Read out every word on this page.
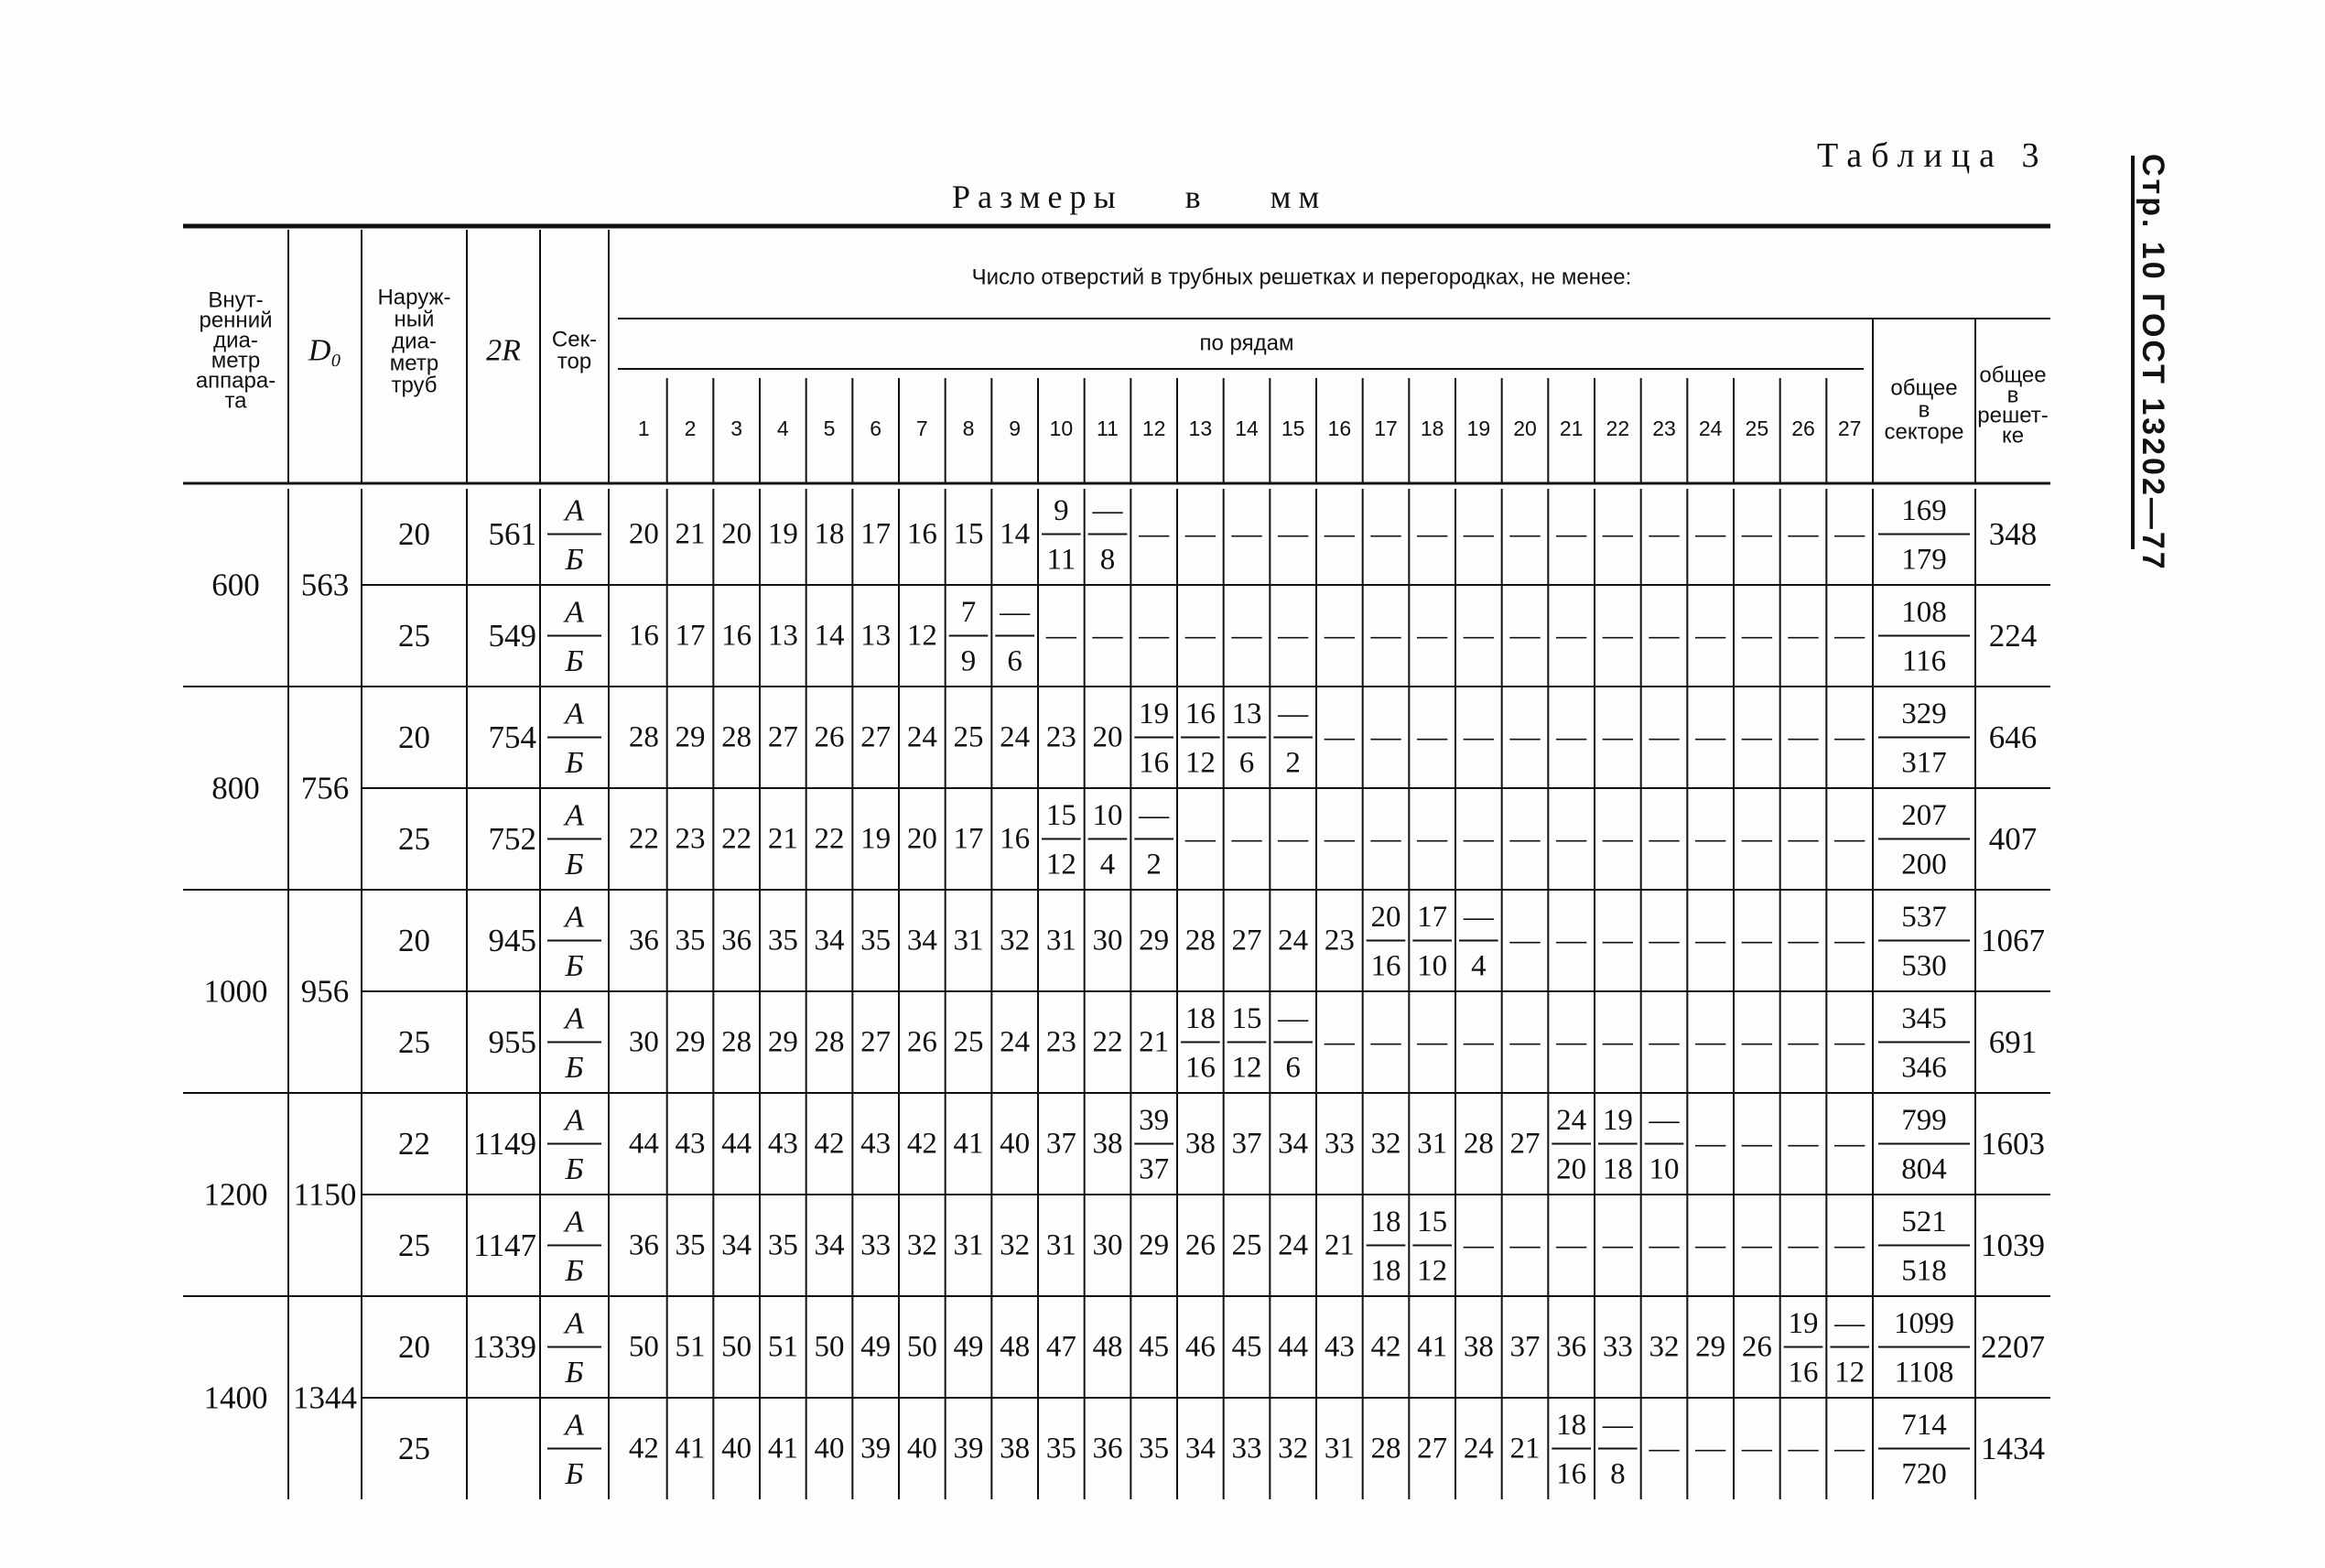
Таблица 3
Размеры    в    мм	Стр. 10 ГОСТ 13202—77
Внут-
ренний
диа-
метр
аппара-
та
D₀
Наруж-
ный
диа-
метр
труб
2R Сек-
тор
Число отверстий в трубных решетках и перегородках, не менее:
по рядам
общее
в
секторе
общее
в
решет-
ке
1 2 3 4 5 6 7 8 9 10 11 12 13 14 15 16 17 18 19 20 21 22 23 24 25 26 27
600 563
20 561
А
Б
169
179
348
20 21 20 19 18 17 16 15 14
9
11
—
8
— — — — — — — — — — — — — — — —
25 549
А
Б
108
116
224
16 17 16 13 14 13 12
7
9
—
6
— — — — — — — — — — — — — — — — — —
800 756
20 754
А
Б
329
317
646
28 29 28 27 26 27 24 25 24 23 20
19
16
16
12
13
6
—
2
— — — — — — — — — — — —
25 752
А
Б
207
200
407
22 23 22 21 22 19 20 17 16
15
12
10
4
—
2
— — — — — — — — — — — — — — —
1000 956
20 945
А
Б
537
530
1067
36 35 36 35 34 35 34 31 32 31 30 29 28 27 24 23
20
16
17
10
—
4
— — — — — — — —
25 955
А
Б
345
346
691
30 29 28 29 28 27 26 25 24 23 22 21
18
16
15
12
—
6
— — — — — — — — — — — —
1200 1150
22 1149
А
Б
799
804
1603
44 43 44 43 42 43 42 41 40 37 38
39
37
38 37 34 33 32 31 28 27
24
20
19
18
—
10
— — — —
25 1147
А
Б
521
518
1039
36 35 34 35 34 33 32 31 32 31 30 29 26 25 24 21
18
18
15
12
— — — — — — — — —
1400 1344
20 1339
А
Б
1099
1108
2207
50 51 50 51 50 49 50 49 48 47 48 45 46 45 44 43 42 41 38 37 36 33 32 29 26
19
16
—
12
25
А
Б
714
720
1434
42 41 40 41 40 39 40 39 38 35 36 35 34 33 32 31 28 27 24 21
18
16
—
8
— — — — —
